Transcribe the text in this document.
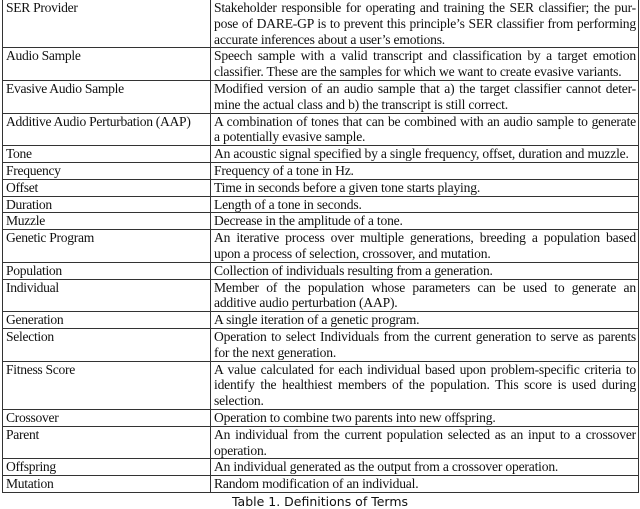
SER Provider	Stakeholder responsible for operating and training the SER classifier; the pur-
pose of DARE-GP is to prevent this principle’s SER classifier from performing
accurate inferences about a user’s emotions.

Audio Sample	Speech sample with a valid transcript and classification by a target emotion
classifier. These are the samples for which we want to create evasive variants.

Evasive Audio Sample	Modified version of an audio sample that a) the target classifier cannot deter-
mine the actual class and b) the transcript is still correct.

Additive Audio Perturbation (AAP)	A combination of tones that can be combined with an audio sample to generate
a potentially evasive sample.

Tone	An acoustic signal specified by a single frequency, offset, duration and muzzle.

Frequency	Frequency of a tone in Hz.

Offset	Time in seconds before a given tone starts playing.

Duration	Length of a tone in seconds.

Muzzle	Decrease in the amplitude of a tone.

Genetic Program	An iterative process over multiple generations, breeding a population based
upon a process of selection, crossover, and mutation.

Population	Collection of individuals resulting from a generation.

Individual	Member of the population whose parameters can be used to generate an
additive audio perturbation (AAP).

Generation	A single iteration of a genetic program.

Selection	Operation to select Individuals from the current generation to serve as parents
for the next generation.

Fitness Score	A value calculated for each individual based upon problem-specific criteria to
identify the healthiest members of the population. This score is used during
selection.

Crossover	Operation to combine two parents into new offspring.

Parent	An individual from the current population selected as an input to a crossover
operation.

Offspring	An individual generated as the output from a crossover operation.

Mutation	Random modification of an individual.
Table 1. Definitions of Terms
